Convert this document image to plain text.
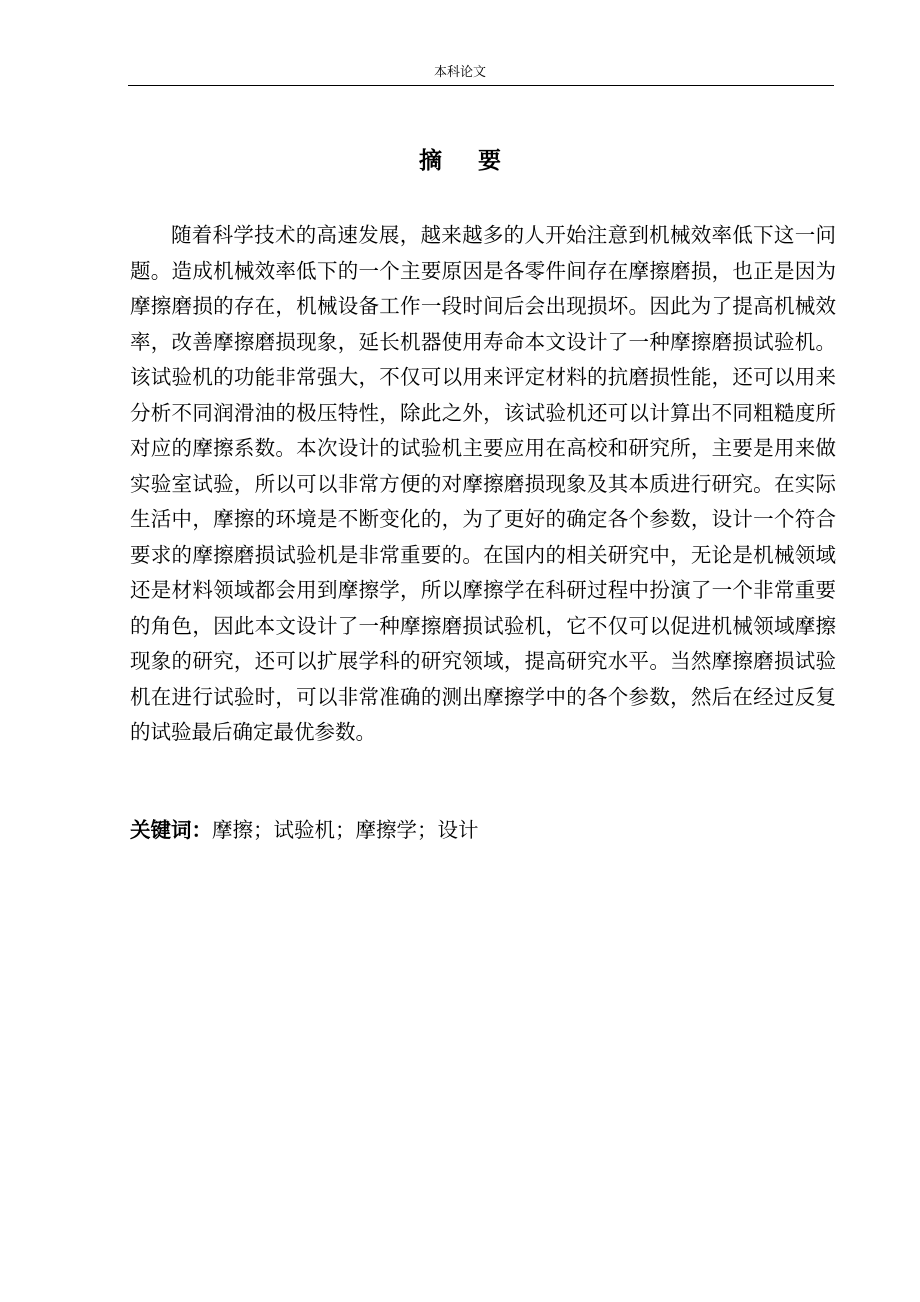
本科论文
摘要

随着科学技术的高速发展，越来越多的人开始注意到机械效率低下这一问题。造成机械效率低下的一个主要原因是各零件间存在摩擦磨损，也正是因为摩擦磨损的存在，机械设备工作一段时间后会出现损坏。因此为了提高机械效率，改善摩擦磨损现象，延长机器使用寿命本文设计了一种摩擦磨损试验机。该试验机的功能非常强大，不仅可以用来评定材料的抗磨损性能，还可以用来分析不同润滑油的极压特性，除此之外，该试验机还可以计算出不同粗糙度所对应的摩擦系数。本次设计的试验机主要应用在高校和研究所，主要是用来做实验室试验，所以可以非常方便的对摩擦磨损现象及其本质进行研究。在实际生活中，摩擦的环境是不断变化的，为了更好的确定各个参数，设计一个符合要求的摩擦磨损试验机是非常重要的。在国内的相关研究中，无论是机械领域还是材料领域都会用到摩擦学，所以摩擦学在科研过程中扮演了一个非常重要的角色，因此本文设计了一种摩擦磨损试验机，它不仅可以促进机械领域摩擦现象的研究，还可以扩展学科的研究领域，提高研究水平。当然摩擦磨损试验机在进行试验时，可以非常准确的测出摩擦学中的各个参数，然后在经过反复的试验最后确定最优参数。

关键词：摩擦；试验机；摩擦学；设计
